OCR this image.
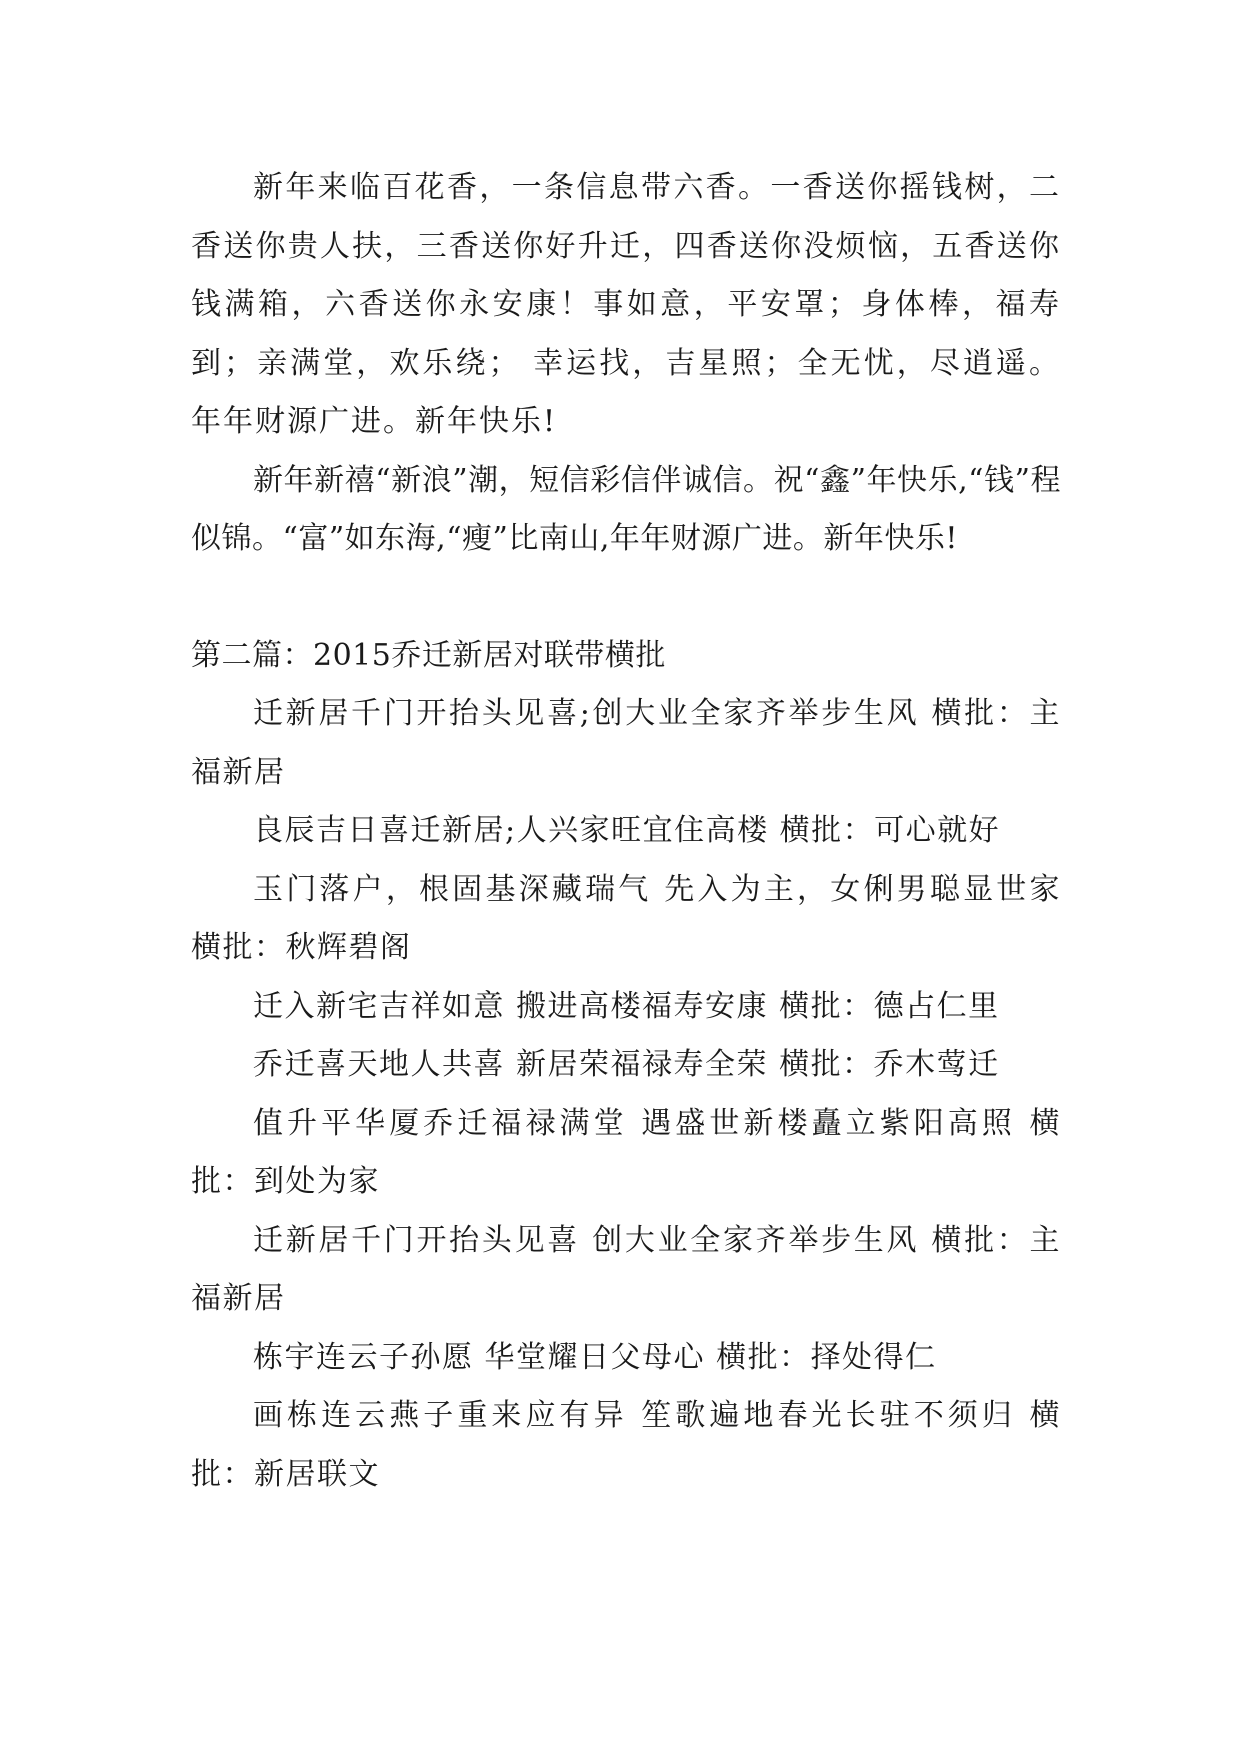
新年来临百花香，一条信息带六香。一香送你摇钱树，二香送你贵人扶，三香送你好升迁，四香送你没烦恼，五香送你钱满箱，六香送你永安康！事如意，平安罩；身体棒，福寿到；亲满堂，欢乐绕； 幸运找，吉星照；全无忧，尽逍遥。年年财源广进。新年快乐!

新年新禧“新浪”潮，短信彩信伴诚信。祝“鑫”年快乐,“钱”程似锦。“富”如东海,“瘦”比南山,年年财源广进。新年快乐!

第二篇：2015乔迁新居对联带横批

迁新居千门开抬头见喜;创大业全家齐举步生风 横批：主福新居

良辰吉日喜迁新居;人兴家旺宜住高楼 横批：可心就好

玉门落户，根固基深藏瑞气 先入为主，女俐男聪显世家 横批：秋辉碧阁

迁入新宅吉祥如意 搬进高楼福寿安康 横批：德占仁里

乔迁喜天地人共喜 新居荣福禄寿全荣 横批：乔木莺迁

值升平华厦乔迁福禄满堂 遇盛世新楼矗立紫阳高照 横批：到处为家

迁新居千门开抬头见喜 创大业全家齐举步生风 横批：主福新居

栋宇连云子孙愿 华堂耀日父母心 横批：择处得仁

画栋连云燕子重来应有异 笙歌遍地春光长驻不须归 横批：新居联文
